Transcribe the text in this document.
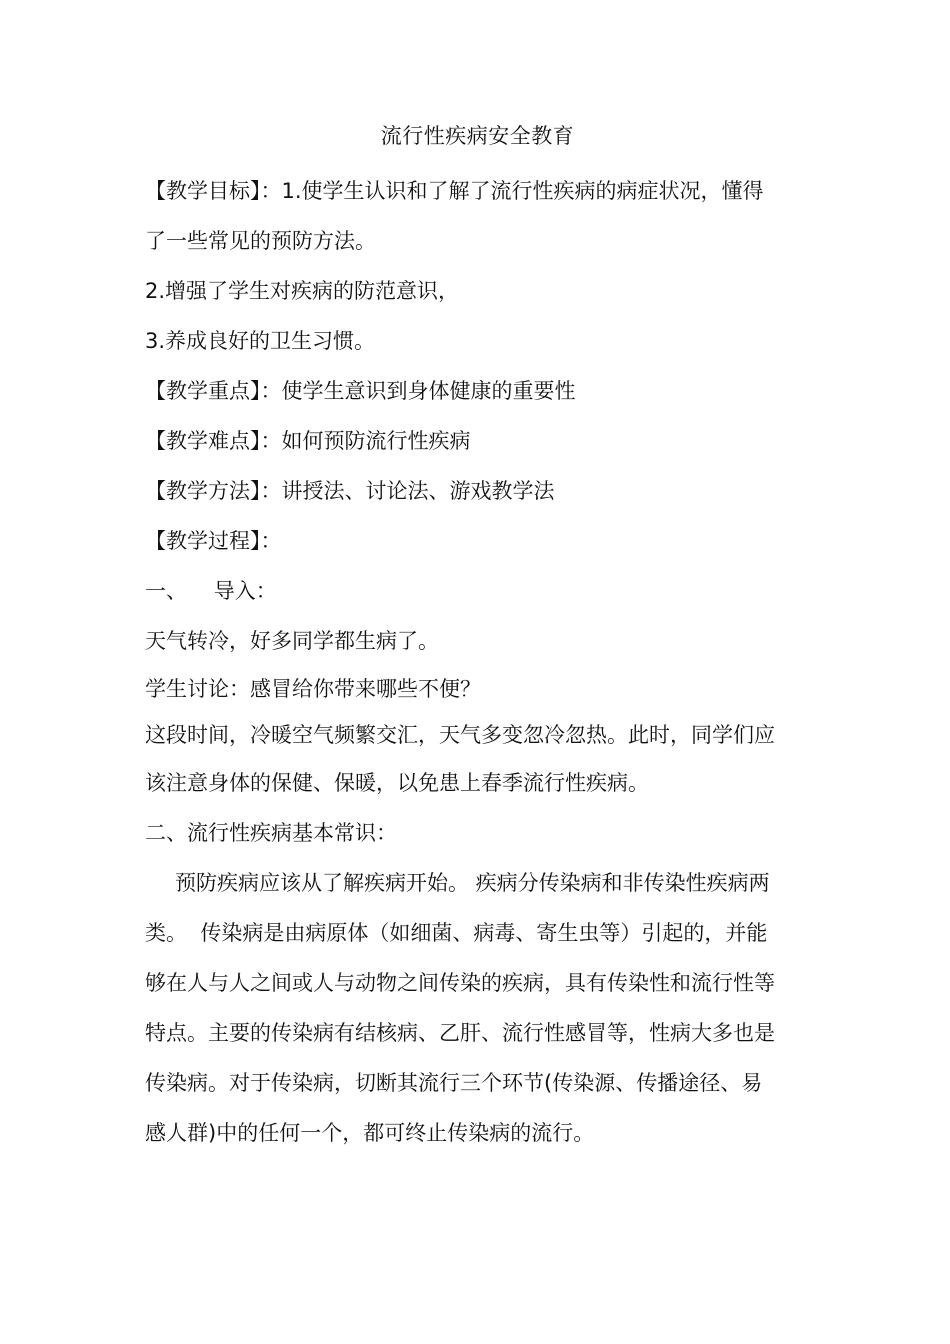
流行性疾病安全教育

【教学目标】：1.使学生认识和了解了流行性疾病的病症状况，懂得

了一些常见的预防方法。

2.增强了学生对疾病的防范意识，

3.养成良好的卫生习惯。

【教学重点】：使学生意识到身体健康的重要性

【教学难点】：如何预防流行性疾病

【教学方法】：讲授法、讨论法、游戏教学法

【教学过程】：

一、    导入：

天气转冷，好多同学都生病了。

学生讨论：感冒给你带来哪些不便？

这段时间，冷暖空气频繁交汇，天气多变忽冷忽热。此时，同学们应

该注意身体的保健、保暖，以免患上春季流行性疾病。

二、流行性疾病基本常识：

预防疾病应该从了解疾病开始。 疾病分传染病和非传染性疾病两

类。  传染病是由病原体（如细菌、病毒、寄生虫等）引起的，并能

够在人与人之间或人与动物之间传染的疾病，具有传染性和流行性等

特点。主要的传染病有结核病、乙肝、流行性感冒等，性病大多也是

传染病。对于传染病，切断其流行三个环节(传染源、传播途径、易

感人群)中的任何一个，都可终止传染病的流行。
